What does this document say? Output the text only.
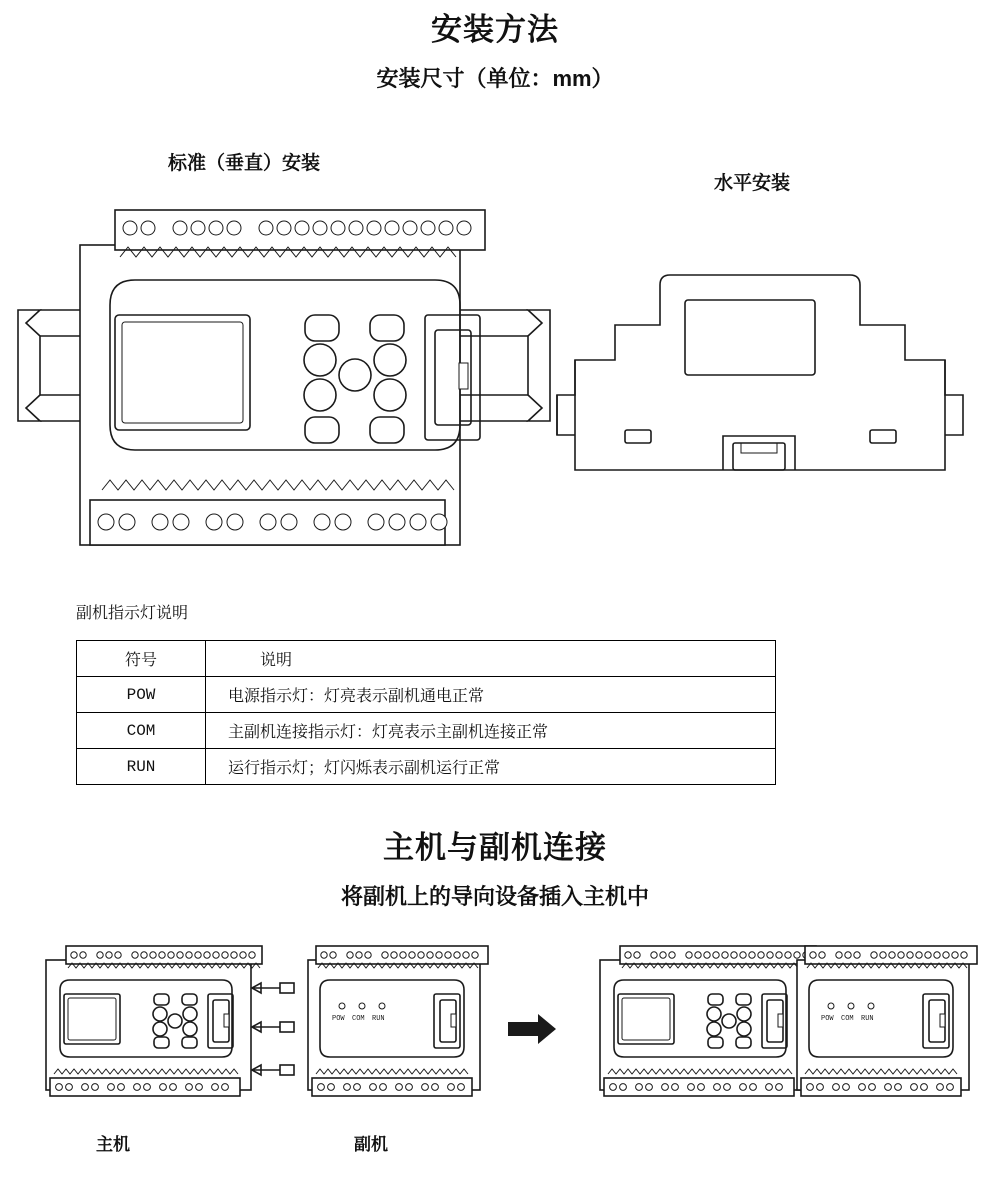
安装方法
安装尺寸（单位：mm）
标准（垂直）安装
水平安装
副机指示灯说明
符号	说明
POW	电源指示灯：灯亮表示副机通电正常
COM	主副机连接指示灯：灯亮表示主副机连接正常
RUN	运行指示灯；灯闪烁表示副机运行正常
主机与副机连接
将副机上的导向设备插入主机中
POW COM RUN	POW COM RUN
主机	副机
